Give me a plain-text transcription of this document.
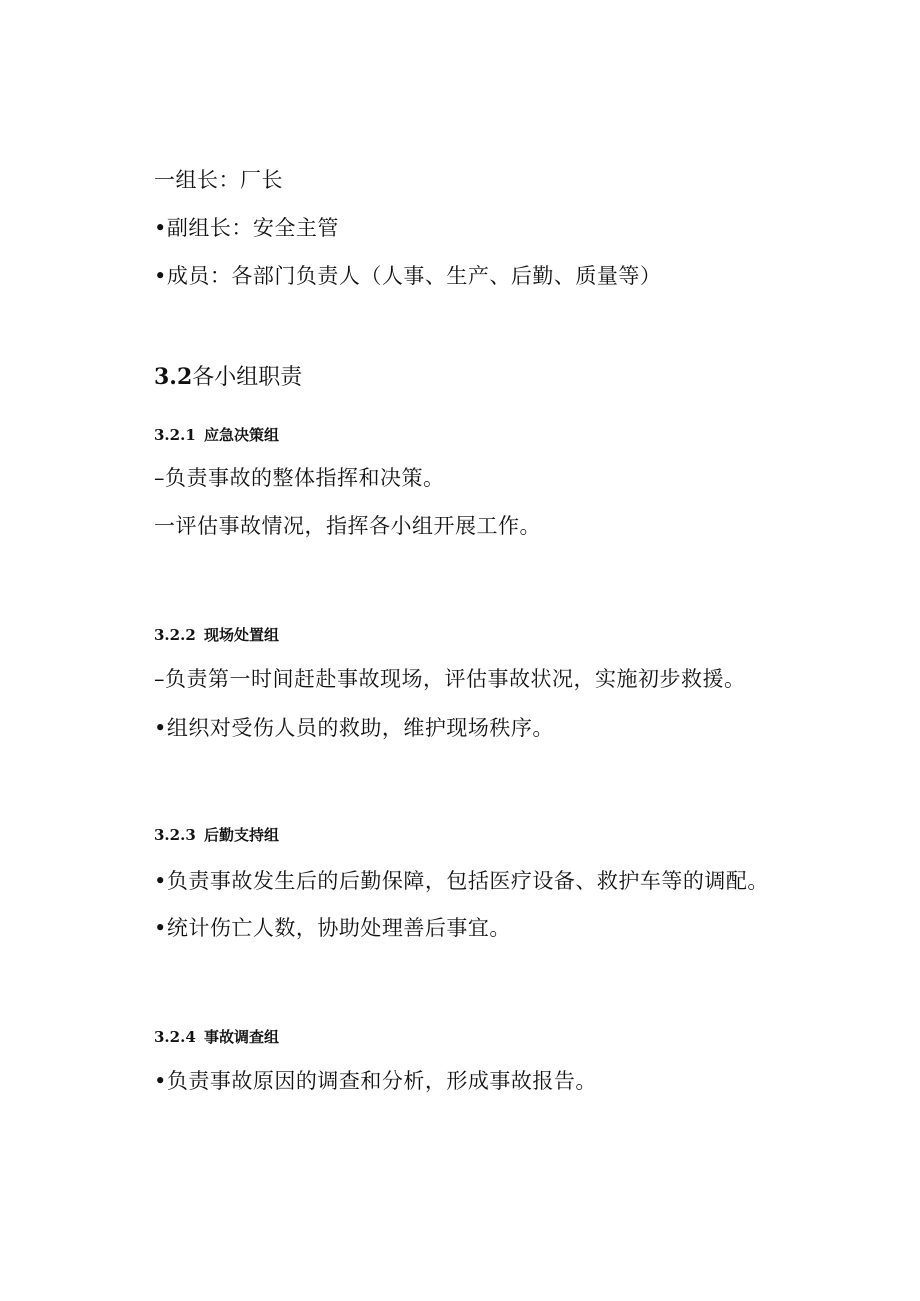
一组长：厂长
•副组长：安全主管
•成员：各部门负责人（人事、生产、后勤、质量等）
3.2各小组职责
3.2.1 应急决策组
–负责事故的整体指挥和决策。
一评估事故情况，指挥各小组开展工作。
3.2.2 现场处置组
–负责第一时间赶赴事故现场，评估事故状况，实施初步救援。
•组织对受伤人员的救助，维护现场秩序。
3.2.3 后勤支持组
•负责事故发生后的后勤保障，包括医疗设备、救护车等的调配。
•统计伤亡人数，协助处理善后事宜。
3.2.4 事故调查组
•负责事故原因的调查和分析，形成事故报告。
